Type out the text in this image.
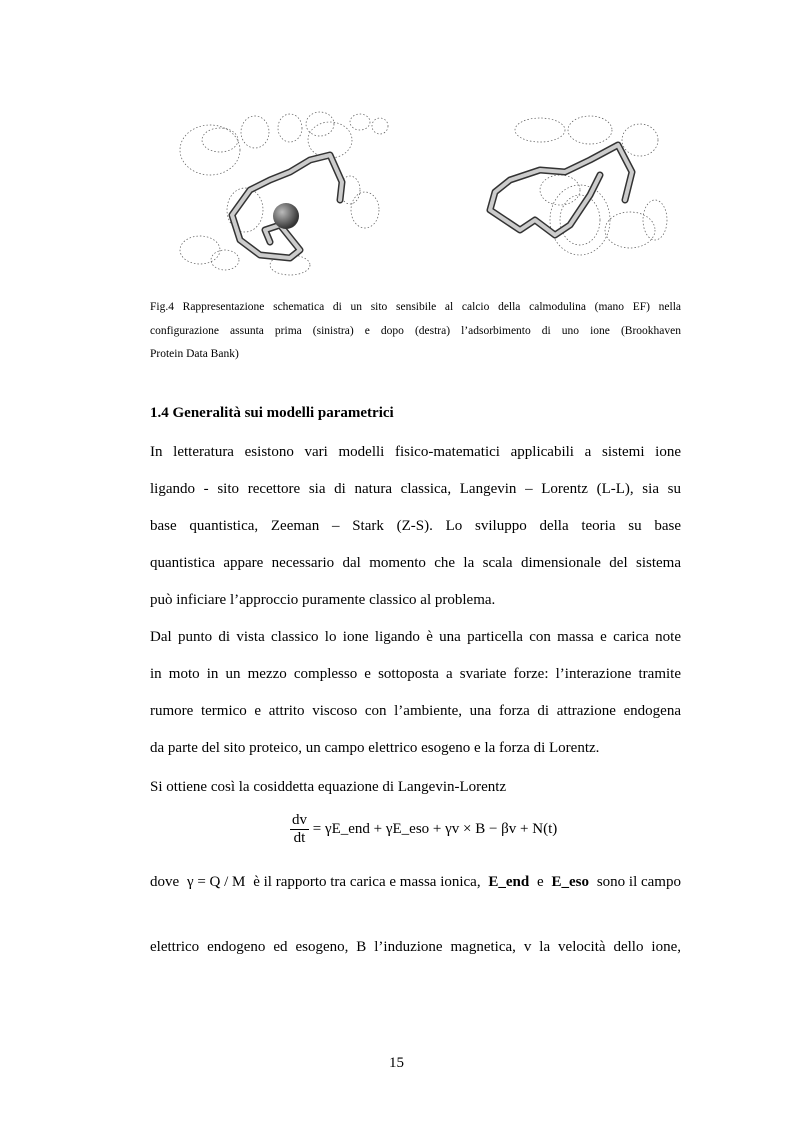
Fig.4 Rappresentazione schematica di un sito sensibile al calcio della calmodulina (mano EF) nella
configurazione assunta prima (sinistra) e dopo (destra) l’adsorbimento di uno ione (Brookhaven
Protein Data Bank)
1.4 Generalità sui modelli parametrici
In letteratura esistono vari modelli fisico-matematici applicabili a sistemi ione
ligando - sito recettore sia di natura classica, Langevin – Lorentz (L-L), sia su
base quantistica, Zeeman – Stark (Z-S). Lo sviluppo della teoria su base
quantistica appare necessario dal momento che la scala dimensionale del sistema
può inficiare l’approccio puramente classico al problema.
Dal punto di vista classico lo ione ligando è una particella con massa e carica note
in moto in un mezzo complesso e sottoposta a svariate forze: l’interazione tramite
rumore termico e attrito viscoso con l’ambiente, una forza di attrazione endogena
da parte del sito proteico, un campo elettrico esogeno e la forza di Lorentz.
Si ottiene così la cosiddetta equazione di Langevin-Lorentz
$\frac{dv}{dt}$ = γE_end + γE_eso + γv × B − βv + N(t)
dove γ = Q / M è il rapporto tra carica e massa ionica, E_end e E_eso sono il campo
elettrico endogeno ed esogeno, B l’induzione magnetica, v la velocità dello ione,
15
